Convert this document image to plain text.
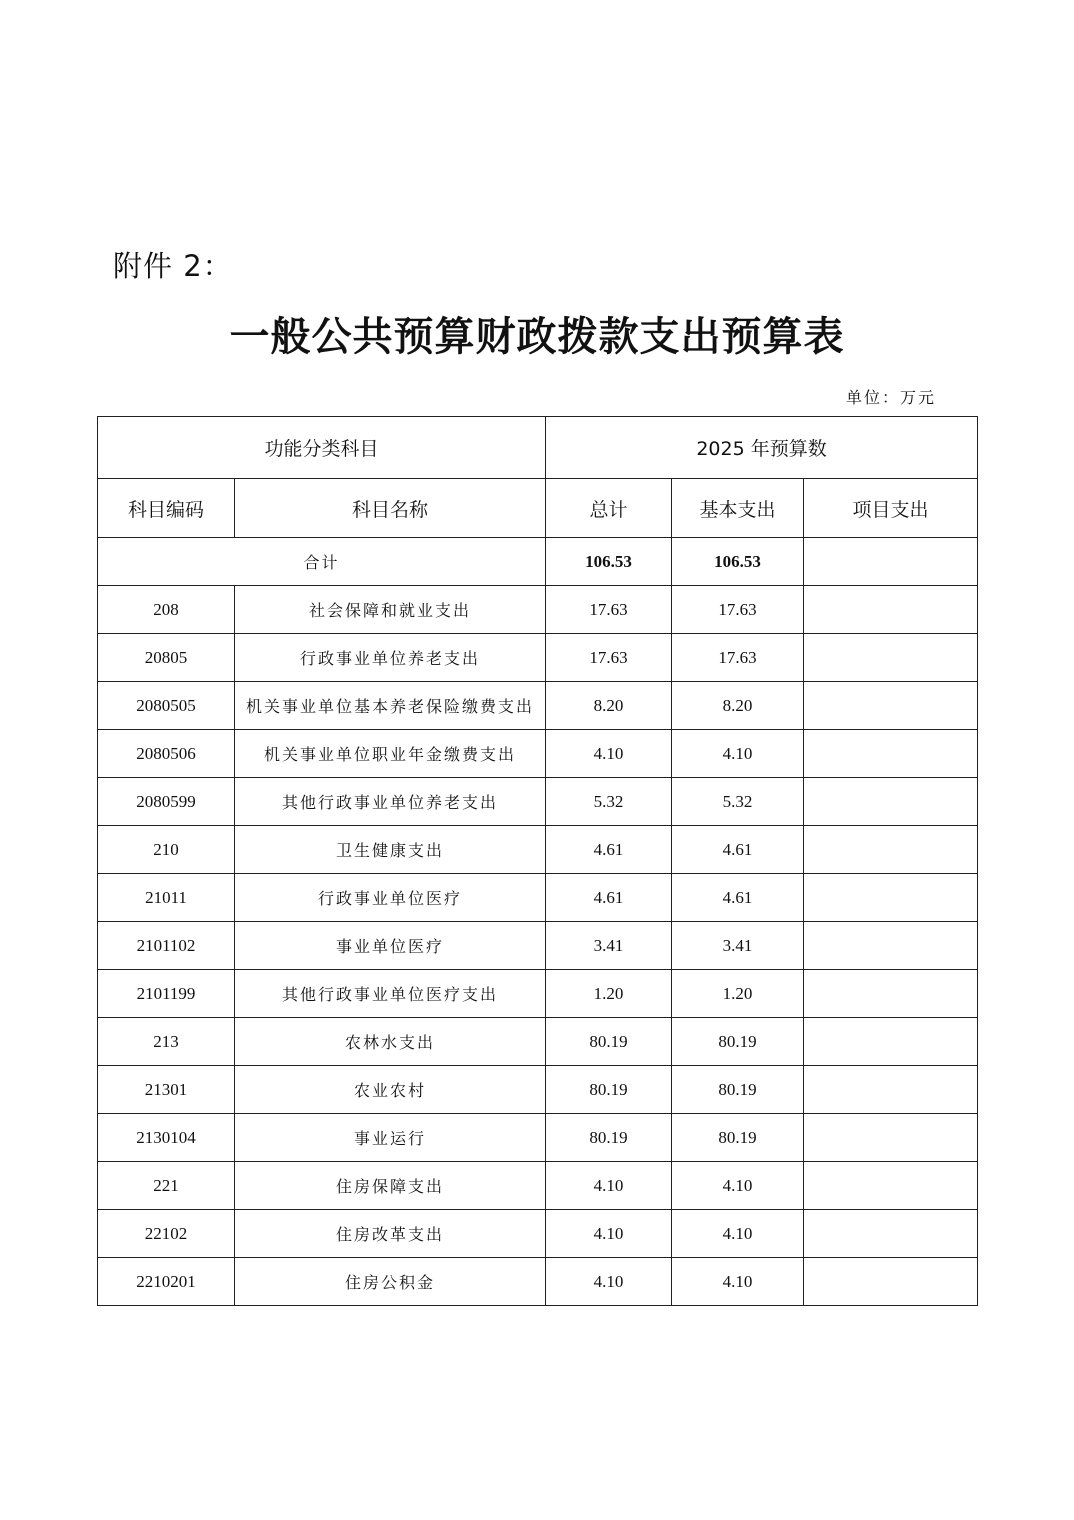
附件 2：
一般公共预算财政拨款支出预算表
单位：万元
功能分类科目		2025 年预算数		
科目编码	科目名称	总计	基本支出	项目支出
合计		106.53	106.53	
208	社会保障和就业支出	17.63	17.63	
20805	行政事业单位养老支出	17.63	17.63	
2080505	机关事业单位基本养老保险缴费支出	8.20	8.20	
2080506	机关事业单位职业年金缴费支出	4.10	4.10	
2080599	其他行政事业单位养老支出	5.32	5.32	
210	卫生健康支出	4.61	4.61	
21011	行政事业单位医疗	4.61	4.61	
2101102	事业单位医疗	3.41	3.41	
2101199	其他行政事业单位医疗支出	1.20	1.20	
213	农林水支出	80.19	80.19	
21301	农业农村	80.19	80.19	
2130104	事业运行	80.19	80.19	
221	住房保障支出	4.10	4.10	
22102	住房改革支出	4.10	4.10	
2210201	住房公积金	4.10	4.10	
